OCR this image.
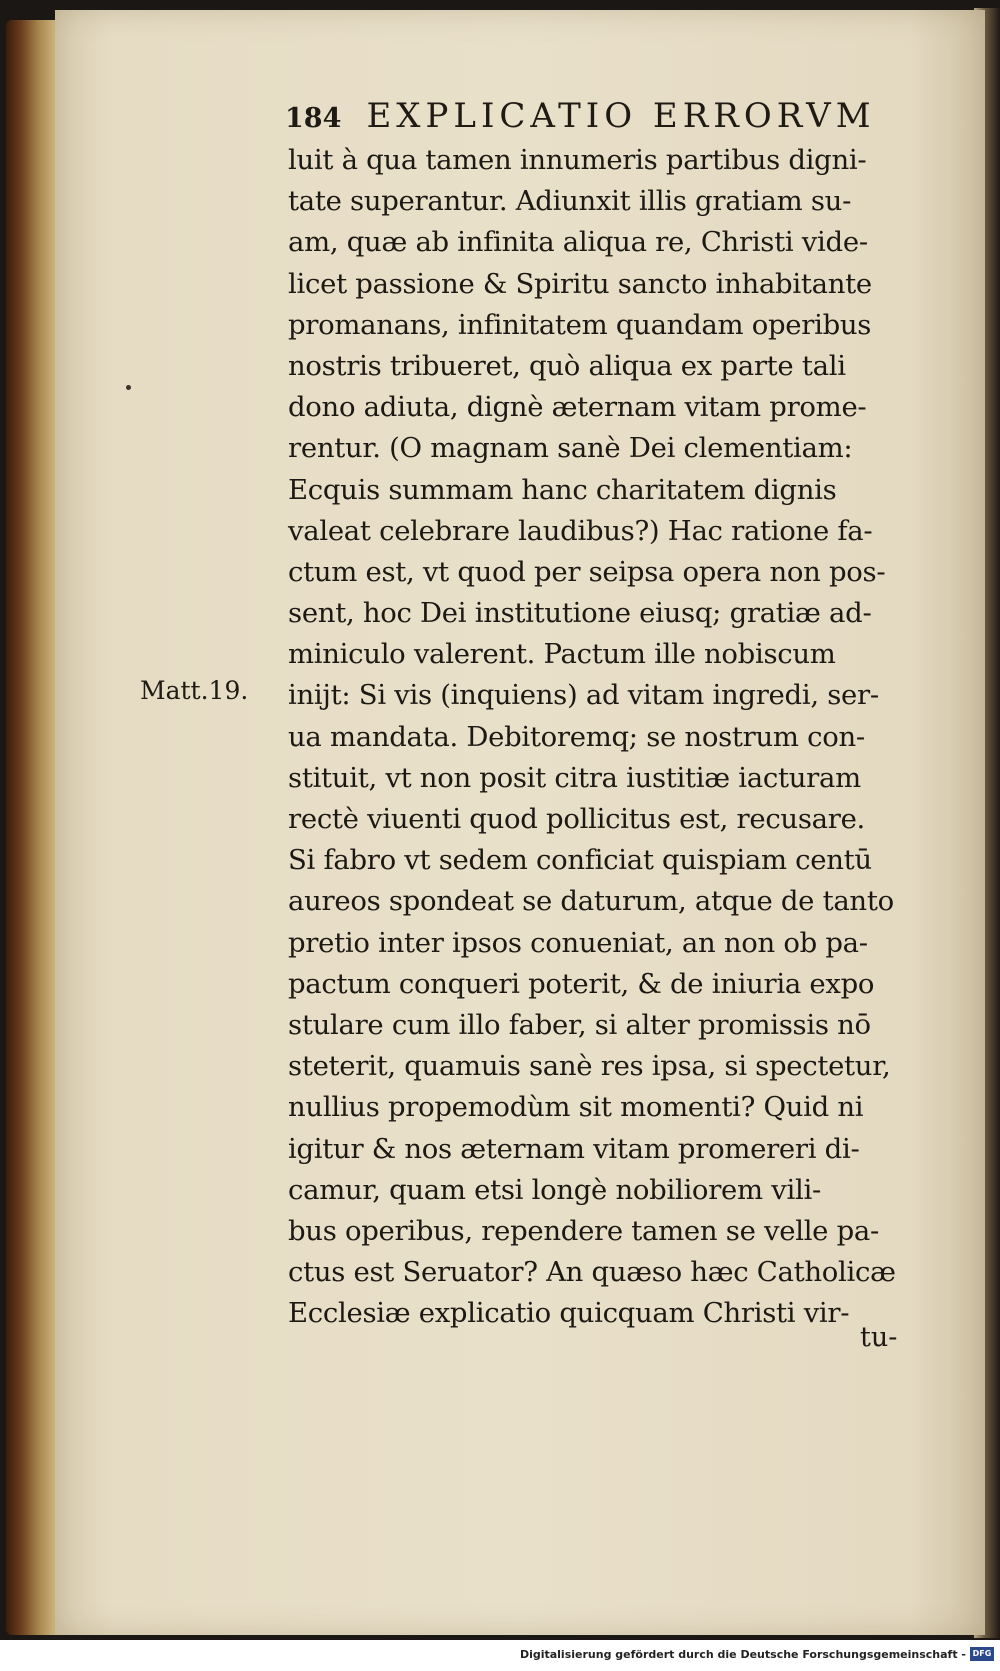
184 EXPLICATIO ERRORVM
Matt.19.
luit à qua tamen innumeris partibus digni-
tate superantur. Adiunxit illis gratiam su-
am, quæ ab infinita aliqua re, Christi vide-
licet passione & Spiritu sancto inhabitante
promanans, infinitatem quandam operibus
nostris tribueret, quò aliqua ex parte tali
dono adiuta, dignè æternam vitam prome-
rentur. (O magnam sanè Dei clementiam:
Ecquis summam hanc charitatem dignis
valeat celebrare laudibus?) Hac ratione fa-
ctum est, vt quod per seipsa opera non pos-
sent, hoc Dei institutione eiusq; gratiæ ad-
miniculo valerent. Pactum ille nobiscum
inijt: Si vis (inquiens) ad vitam ingredi, ser-
ua mandata. Debitoremq; se nostrum con-
stituit, vt non posit citra iustitiæ iacturam
rectè viuenti quod pollicitus est, recusare.
Si fabro vt sedem conficiat quispiam centū
aureos spondeat se daturum, atque de tanto
pretio inter ipsos conueniat, an non ob pa-
pactum conqueri poterit, & de iniuria expo
stulare cum illo faber, si alter promissis nō
steterit, quamuis sanè res ipsa, si spectetur,
nullius propemodùm sit momenti? Quid ni
igitur & nos æternam vitam promereri di-
camur, quam etsi longè nobiliorem vili-
bus operibus, rependere tamen se velle pa-
ctus est Seruator? An quæso hæc Catholicæ
Ecclesiæ explicatio quicquam Christi vir-
tu-
Digitalisierung gefördert durch die Deutsche Forschungsgemeinschaft - DFG
